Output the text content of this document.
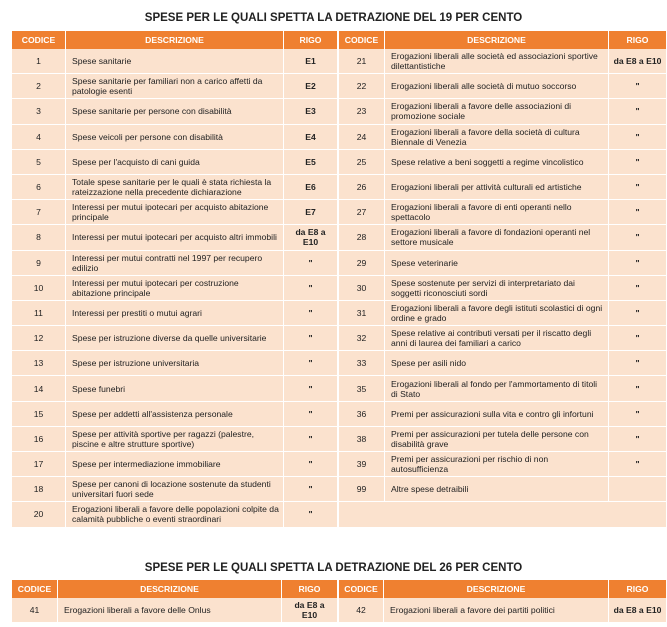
SPESE PER LE QUALI SPETTA LA DETRAZIONE DEL 19 PER CENTO
CODICE	DESCRIZIONE	RIGO	CODICE	DESCRIZIONE	RIGO
1	Spese sanitarie	E1	21	Erogazioni liberali alle società ed associazioni sportive dilettantistiche	da E8 a E10
2	Spese sanitarie per familiari non a carico affetti da patologie esenti	E2	22	Erogazioni liberali alle società di mutuo soccorso	"
3	Spese sanitarie per persone con disabilità	E3	23	Erogazioni liberali a favore delle associazioni di promozione sociale	"
4	Spese veicoli per persone con disabilità	E4	24	Erogazioni liberali a favore della società di cultura Biennale di Venezia	"
5	Spese per l'acquisto di cani guida	E5	25	Spese relative a beni soggetti a regime vincolistico	"
6	Totale spese sanitarie per le quali è stata richiesta la rateizzazione nella precedente dichiarazione	E6	26	Erogazioni liberali per attività culturali ed artistiche	"
7	Interessi per mutui ipotecari per acquisto abitazione principale	E7	27	Erogazioni liberali a favore di enti operanti nello spettacolo	"
8	Interessi per mutui ipotecari per acquisto altri immobili	da E8 a E10	28	Erogazioni liberali a favore di fondazioni operanti nel settore musicale	"
9	Interessi per mutui contratti nel 1997 per recupero edilizio	"	29	Spese veterinarie	"
10	Interessi per mutui ipotecari per costruzione abitazione principale	"	30	Spese sostenute per servizi di interpretariato dai soggetti riconosciuti sordi	"
11	Interessi per prestiti o mutui agrari	"	31	Erogazioni liberali a favore degli istituti scolastici di ogni ordine e grado	"
12	Spese per istruzione diverse da quelle universitarie	"	32	Spese relative ai contributi versati per il riscatto degli anni di laurea dei familiari a carico	"
13	Spese per istruzione universitaria	"	33	Spese per asili nido	"
14	Spese funebri	"	35	Erogazioni liberali al fondo per l'ammortamento di titoli di Stato	"
15	Spese per addetti all'assistenza personale	"	36	Premi per assicurazioni sulla vita e contro gli infortuni	"
16	Spese per attività sportive per ragazzi (palestre, piscine e altre strutture sportive)	"	38	Premi per assicurazioni per tutela delle persone con disabilità grave	"
17	Spese per intermediazione immobiliare	"	39	Premi per assicurazioni per rischio di non autosufficienza	"
18	Spese per canoni di locazione sostenute da studenti universitari fuori sede	"	99	Altre spese detraibili	
20	Erogazioni liberali a favore delle popolazioni colpite da calamità pubbliche o eventi straordinari	"			
SPESE PER LE QUALI SPETTA LA DETRAZIONE DEL 26 PER CENTO
CODICE	DESCRIZIONE	RIGO	CODICE	DESCRIZIONE	RIGO
41	Erogazioni liberali a favore delle Onlus	da E8 a E10	42	Erogazioni liberali a favore dei partiti politici	da E8 a E10
